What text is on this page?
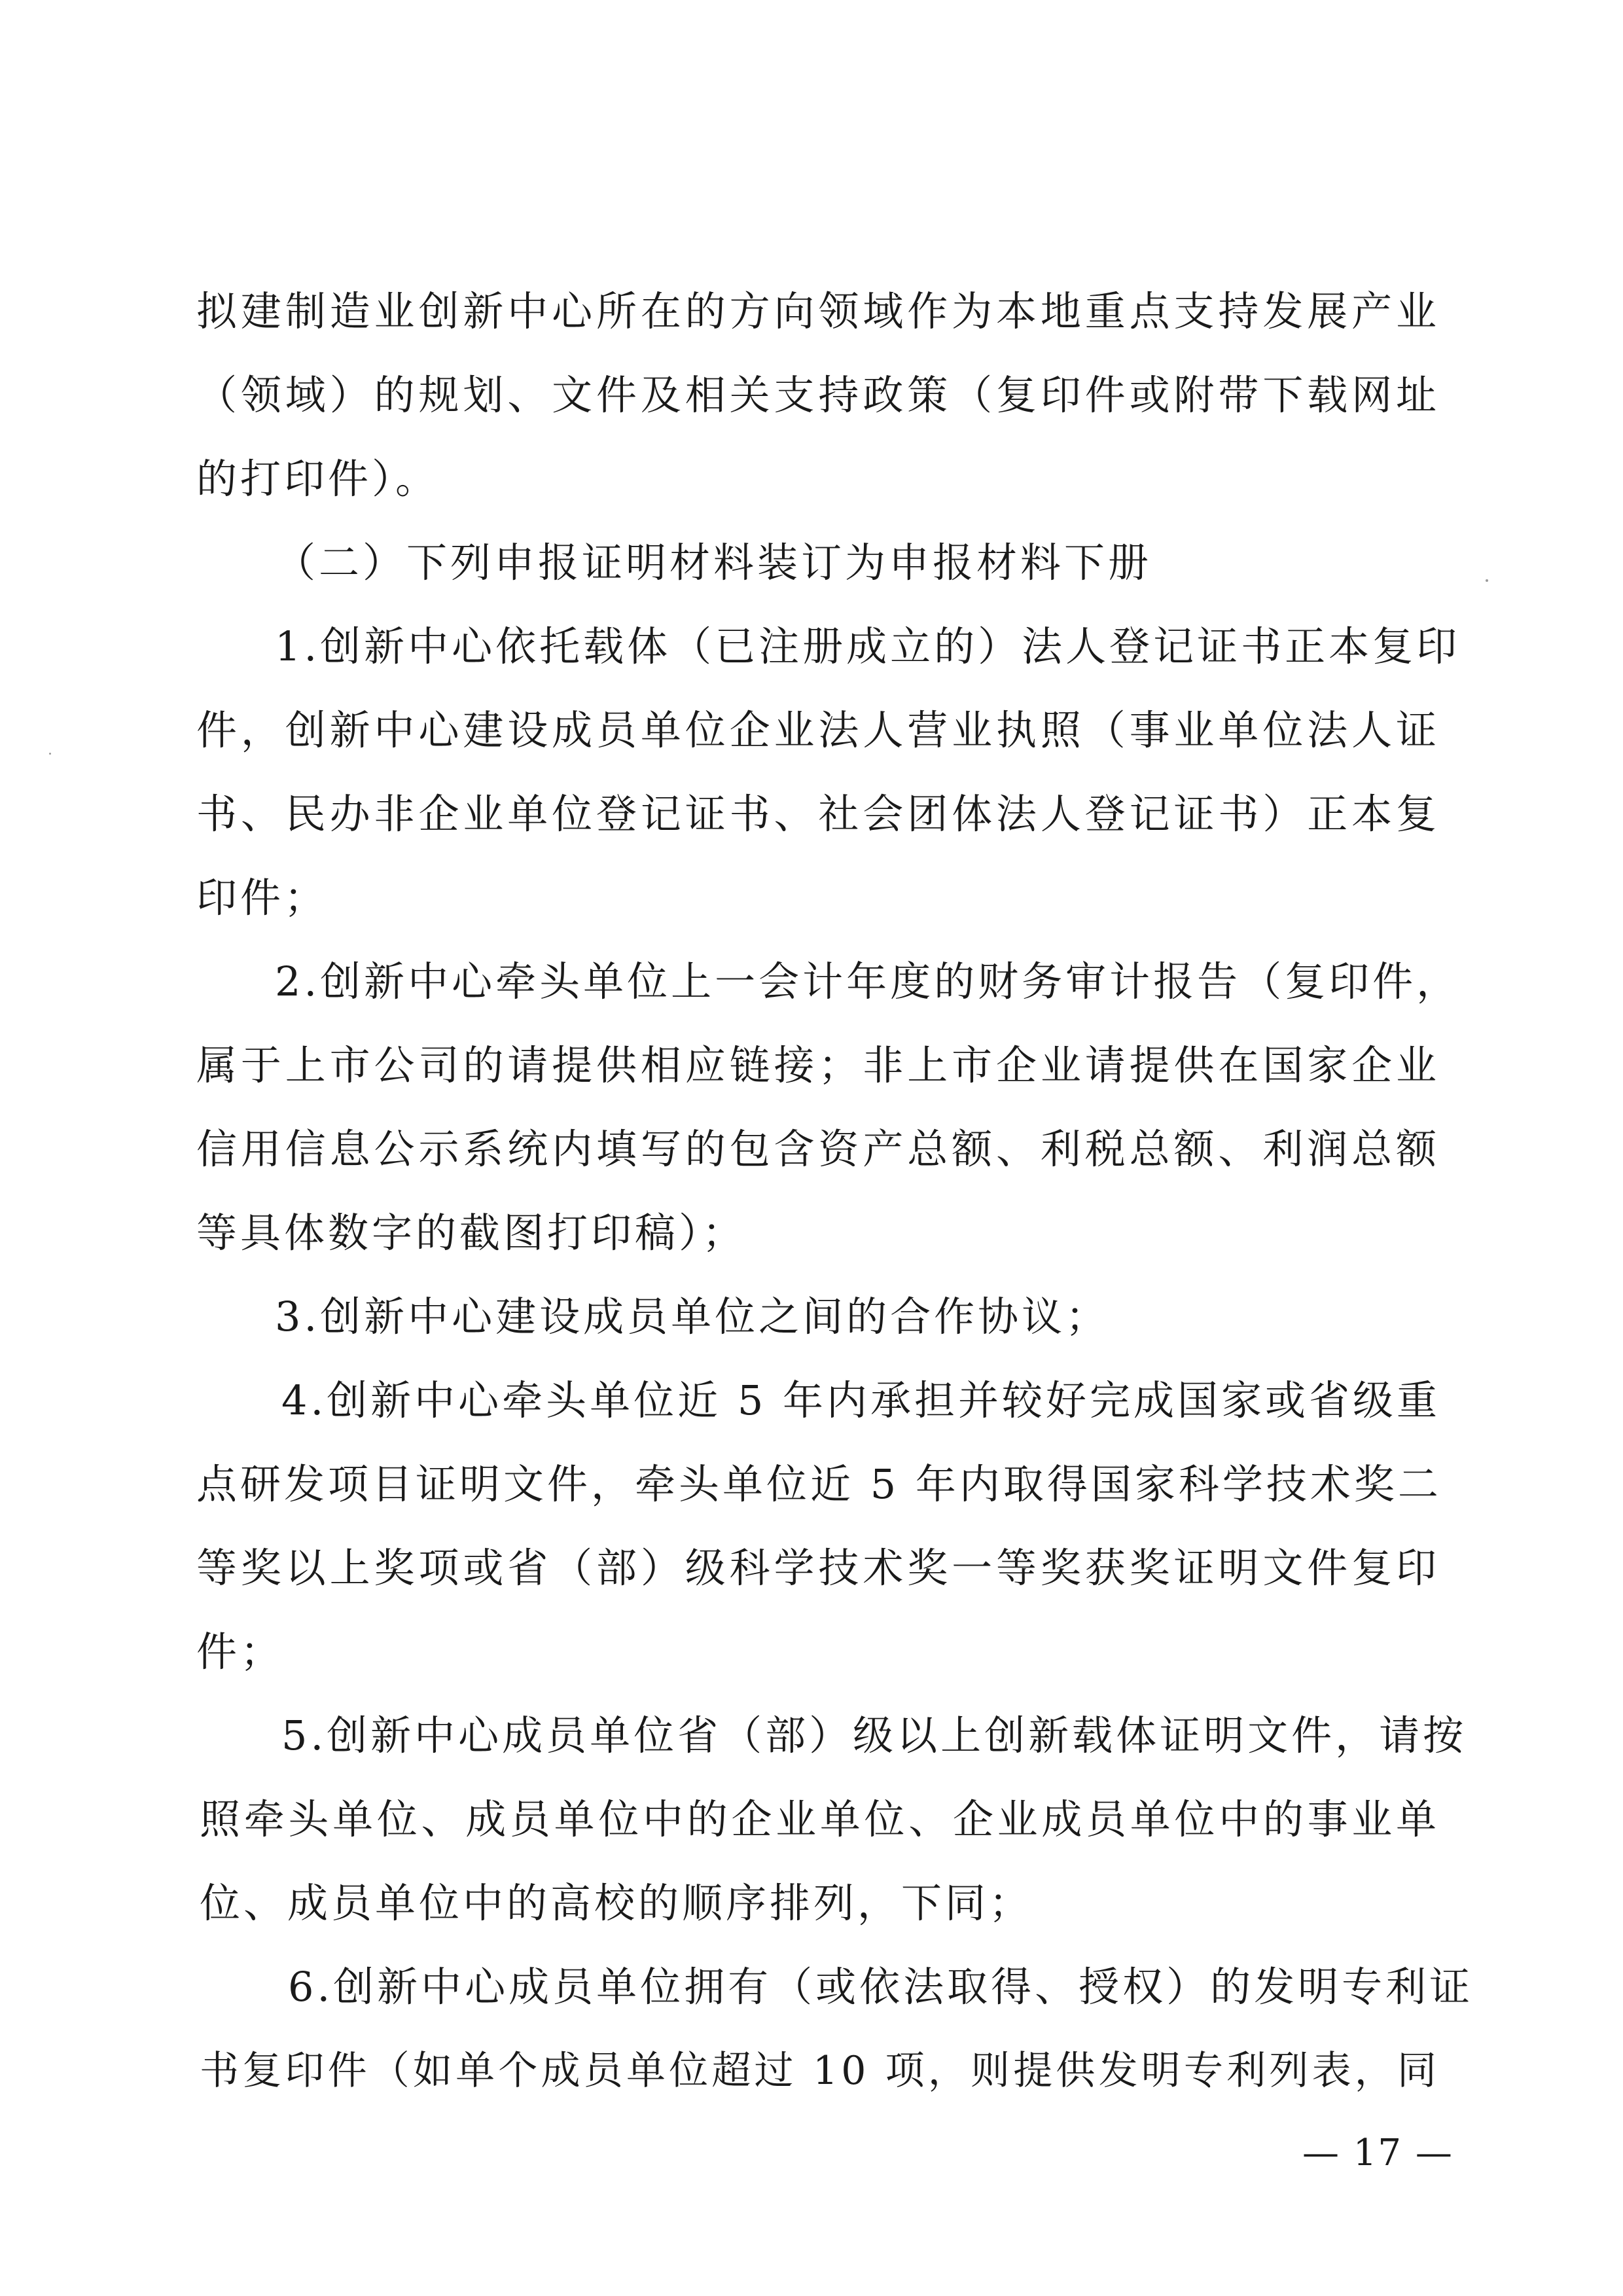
拟建制造业创新中心所在的方向领域作为本地重点支持发展产业
（领域）的规划、文件及相关支持政策（复印件或附带下载网址
的打印件）。
（二）下列申报证明材料装订为申报材料下册
1.创新中心依托载体（已注册成立的）法人登记证书正本复印
件，创新中心建设成员单位企业法人营业执照（事业单位法人证
书、民办非企业单位登记证书、社会团体法人登记证书）正本复
印件；
2.创新中心牵头单位上一会计年度的财务审计报告（复印件，
属于上市公司的请提供相应链接；非上市企业请提供在国家企业
信用信息公示系统内填写的包含资产总额、利税总额、利润总额
等具体数字的截图打印稿）；
3.创新中心建设成员单位之间的合作协议；
4.创新中心牵头单位近 5 年内承担并较好完成国家或省级重
点研发项目证明文件，牵头单位近 5 年内取得国家科学技术奖二
等奖以上奖项或省（部）级科学技术奖一等奖获奖证明文件复印
件；
5.创新中心成员单位省（部）级以上创新载体证明文件，请按
照牵头单位、成员单位中的企业单位、企业成员单位中的事业单
位、成员单位中的高校的顺序排列，下同；
6.创新中心成员单位拥有（或依法取得、授权）的发明专利证
书复印件（如单个成员单位超过 10 项，则提供发明专利列表，同
— 17 —
